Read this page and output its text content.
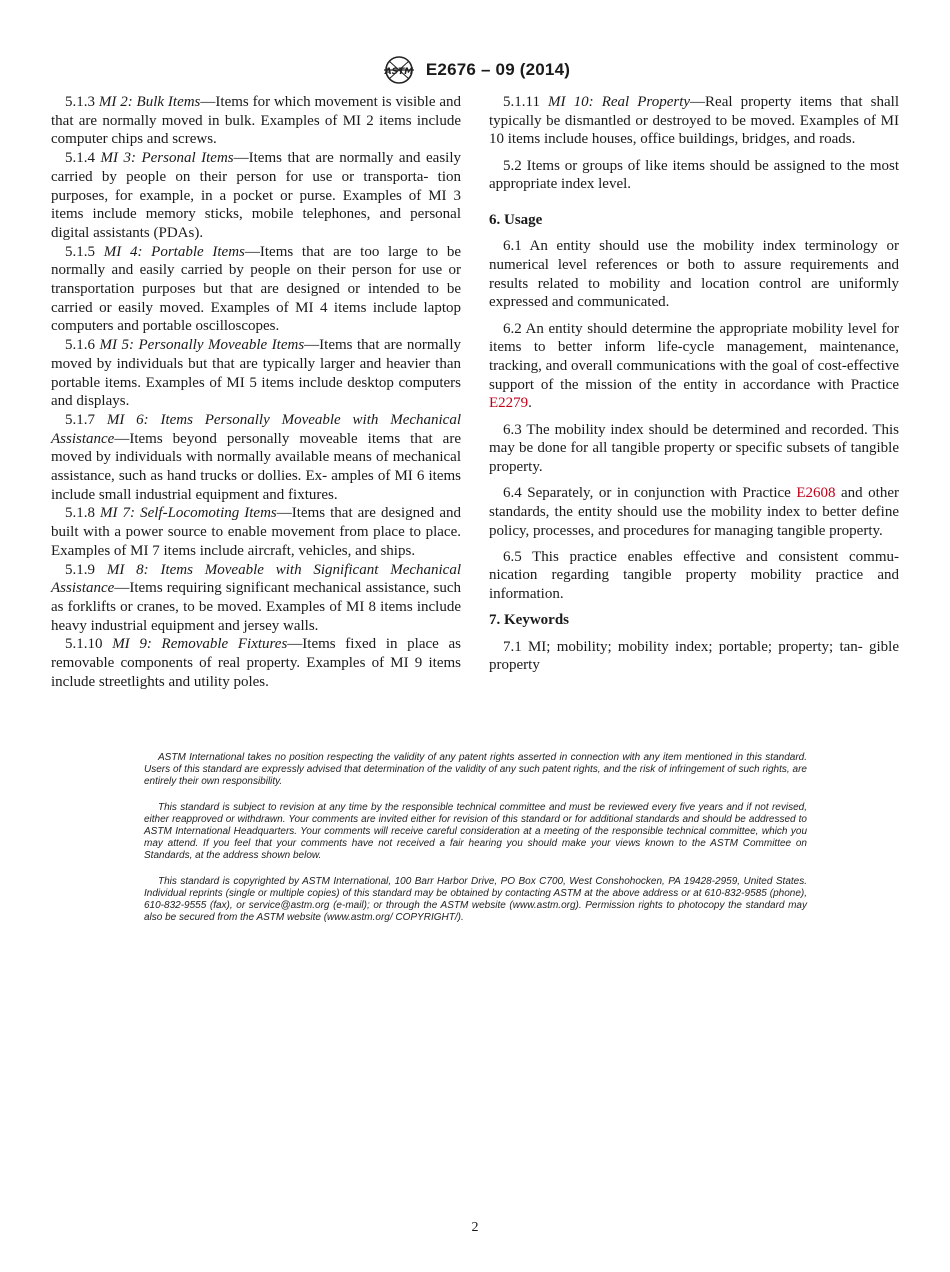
ASTM E2676 – 09 (2014)

5.1.3 MI 2: Bulk Items—Items for which movement is visible and that are normally moved in bulk. Examples of MI 2 items include computer chips and screws.

5.1.4 MI 3: Personal Items—Items that are normally and easily carried by people on their person for use or transporta- tion purposes, for example, in a pocket or purse. Examples of MI 3 items include memory sticks, mobile telephones, and personal digital assistants (PDAs).

5.1.5 MI 4: Portable Items—Items that are too large to be normally and easily carried by people on their person for use or transportation purposes but that are designed or intended to be carried or easily moved. Examples of MI 4 items include laptop computers and portable oscilloscopes.

5.1.6 MI 5: Personally Moveable Items—Items that are normally moved by individuals but that are typically larger and heavier than portable items. Examples of MI 5 items include desktop computers and displays.

5.1.7 MI 6: Items Personally Moveable with Mechanical Assistance—Items beyond personally moveable items that are moved by individuals with normally available means of mechanical assistance, such as hand trucks or dollies. Ex- amples of MI 6 items include small industrial equipment and fixtures.

5.1.8 MI 7: Self-Locomoting Items—Items that are designed and built with a power source to enable movement from place to place. Examples of MI 7 items include aircraft, vehicles, and ships.

5.1.9 MI 8: Items Moveable with Significant Mechanical Assistance—Items requiring significant mechanical assistance, such as forklifts or cranes, to be moved. Examples of MI 8 items include heavy industrial equipment and jersey walls.

5.1.10 MI 9: Removable Fixtures—Items fixed in place as removable components of real property. Examples of MI 9 items include streetlights and utility poles.

5.1.11 MI 10: Real Property—Real property items that shall typically be dismantled or destroyed to be moved. Examples of MI 10 items include houses, office buildings, bridges, and roads.

5.2 Items or groups of like items should be assigned to the most appropriate index level.

6. Usage

6.1 An entity should use the mobility index terminology or numerical level references or both to assure requirements and results related to mobility and location control are uniformly expressed and communicated.

6.2 An entity should determine the appropriate mobility level for items to better inform life-cycle management, maintenance, tracking, and overall communications with the goal of cost-effective support of the mission of the entity in accordance with Practice E2279.

6.3 The mobility index should be determined and recorded. This may be done for all tangible property or specific subsets of tangible property.

6.4 Separately, or in conjunction with Practice E2608 and other standards, the entity should use the mobility index to better define policy, processes, and procedures for managing tangible property.

6.5 This practice enables effective and consistent commu- nication regarding tangible property mobility practice and information.

7. Keywords

7.1 MI; mobility; mobility index; portable; property; tan- gible property

ASTM International takes no position respecting the validity of any patent rights asserted in connection with any item mentioned in this standard. Users of this standard are expressly advised that determination of the validity of any such patent rights, and the risk of infringement of such rights, are entirely their own responsibility.

This standard is subject to revision at any time by the responsible technical committee and must be reviewed every five years and if not revised, either reapproved or withdrawn. Your comments are invited either for revision of this standard or for additional standards and should be addressed to ASTM International Headquarters. Your comments will receive careful consideration at a meeting of the responsible technical committee, which you may attend. If you feel that your comments have not received a fair hearing you should make your views known to the ASTM Committee on Standards, at the address shown below.

This standard is copyrighted by ASTM International, 100 Barr Harbor Drive, PO Box C700, West Conshohocken, PA 19428-2959, United States. Individual reprints (single or multiple copies) of this standard may be obtained by contacting ASTM at the above address or at 610-832-9585 (phone), 610-832-9555 (fax), or service@astm.org (e-mail); or through the ASTM website (www.astm.org). Permission rights to photocopy the standard may also be secured from the ASTM website (www.astm.org/ COPYRIGHT/).

2
